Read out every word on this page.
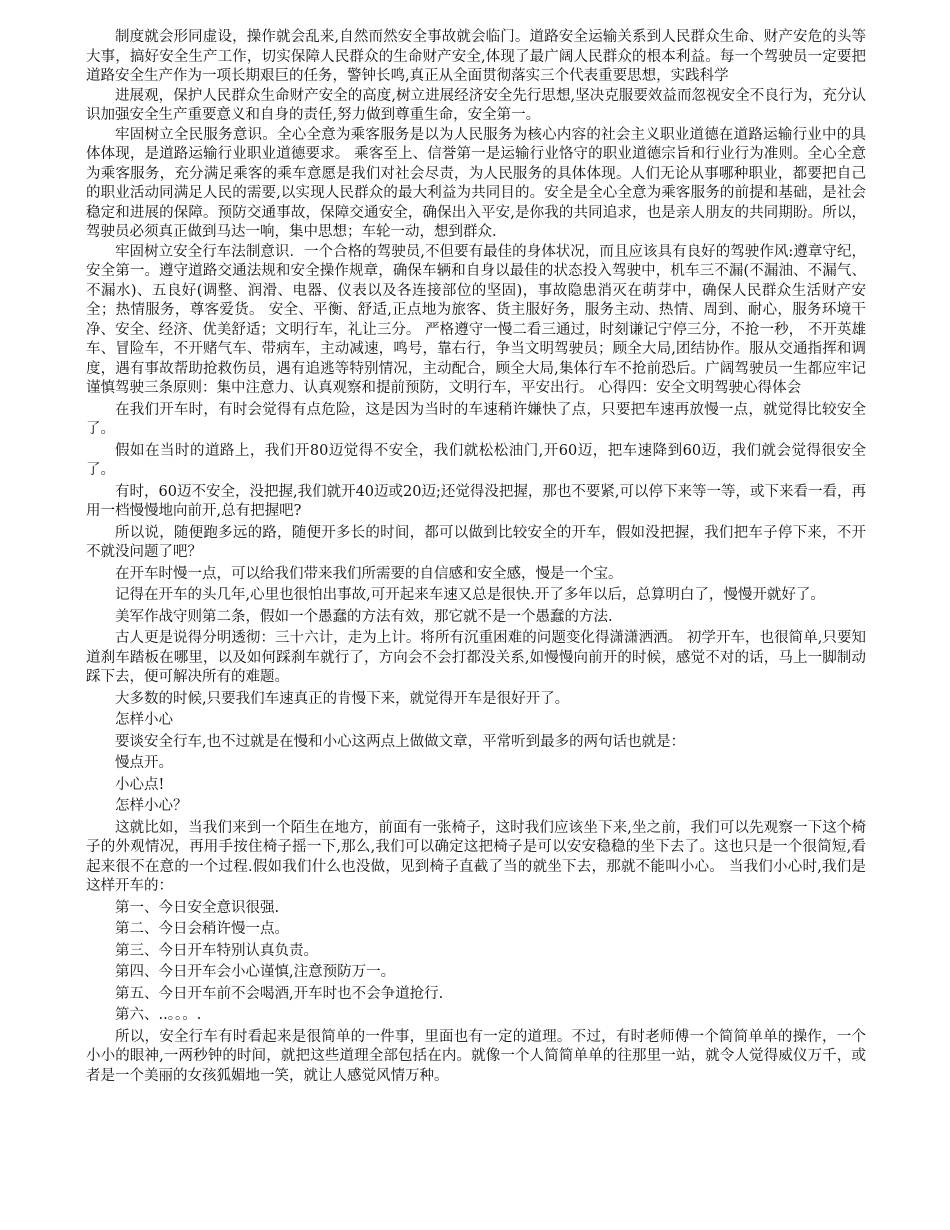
制度就会形同虚设，操作就会乱来,自然而然安全事故就会临门。道路安全运输关系到人民群众生命、财产安危的头等大事，搞好安全生产工作，切实保障人民群众的生命财产安全,体现了最广阔人民群众的根本利益。每一个驾驶员一定要把道路安全生产作为一项长期艰巨的任务，警钟长鸣,真正从全面贯彻落实三个代表重要思想，实践科学

进展观，保护人民群众生命财产安全的高度,树立进展经济安全先行思想,坚决克服要效益而忽视安全不良行为，充分认识加强安全生产重要意义和自身的责任,努力做到尊重生命，安全第一。

牢固树立全民服务意识。全心全意为乘客服务是以为人民服务为核心内容的社会主义职业道德在道路运输行业中的具体体现，是道路运输行业职业道德要求。 乘客至上、信誉第一是运输行业恪守的职业道德宗旨和行业行为准则。全心全意为乘客服务，充分满足乘客的乘车意愿是我们对社会尽责，为人民服务的具体体现。人们无论从事哪种职业，都要把自己的职业活动同满足人民的需要,以实现人民群众的最大利益为共同目的。安全是全心全意为乘客服务的前提和基础，是社会稳定和进展的保障。预防交通事故，保障交通安全，确保出入平安,是你我的共同追求，也是亲人朋友的共同期盼。所以，驾驶员必须真正做到马达一响，集中思想；车轮一动，想到群众.

牢固树立安全行车法制意识．一个合格的驾驶员,不但要有最佳的身体状况，而且应该具有良好的驾驶作风:遵章守纪，安全第一。遵守道路交通法规和安全操作规章，确保车辆和自身以最佳的状态投入驾驶中，机车三不漏(不漏油、不漏气、不漏水)、五良好(调整、润滑、电器、仪表以及各连接部位的坚固)，事故隐患消灭在萌芽中，确保人民群众生活财产安全；热情服务，尊客爱货。 安全、平衡、舒适,正点地为旅客、货主服好务，服务主动、热情、周到、耐心，服务环境干净、安全、经济、优美舒适；文明行车，礼让三分。 严格遵守一慢二看三通过，时刻谦记宁停三分，不抢一秒， 不开英雄车、冒险车，不开赌气车、带病车，主动减速，鸣号，靠右行，争当文明驾驶员；顾全大局,团结协作。服从交通指挥和调度，遇有事故帮助抢救伤员，遇有追逃等特别情况，主动配合，顾全大局,集体行车不抢前恐后。广阔驾驶员一生都应牢记谨慎驾驶三条原则：集中注意力、认真观察和提前预防，文明行车，平安出行。 心得四：安全文明驾驶心得体会

在我们开车时，有时会觉得有点危险，这是因为当时的车速稍许嫌快了点，只要把车速再放慢一点，就觉得比较安全了。

假如在当时的道路上，我们开80迈觉得不安全，我们就松松油门,开60迈，把车速降到60迈，我们就会觉得很安全了。

有时，60迈不安全，没把握,我们就开40迈或20迈;还觉得没把握，那也不要紧,可以停下来等一等，或下来看一看，再用一档慢慢地向前开,总有把握吧?

所以说，随便跑多远的路，随便开多长的时间，都可以做到比较安全的开车，假如没把握，我们把车子停下来，不开不就没问题了吧？

在开车时慢一点，可以给我们带来我们所需要的自信感和安全感，慢是一个宝。

记得在开车的头几年,心里也很怕出事故,可开起来车速又总是很快.开了多年以后，总算明白了，慢慢开就好了。

美军作战守则第二条，假如一个愚蠢的方法有效，那它就不是一个愚蠢的方法.

古人更是说得分明透彻：三十六计，走为上计。将所有沉重困难的问题变化得潇潇洒洒。 初学开车，也很简单,只要知道刹车踏板在哪里，以及如何踩刹车就行了，方向会不会打都没关系,如慢慢向前开的时候，感觉不对的话，马上一脚制动踩下去，便可解决所有的难题。

大多数的时候,只要我们车速真正的肯慢下来，就觉得开车是很好开了。

怎样小心

要谈安全行车,也不过就是在慢和小心这两点上做做文章，平常听到最多的两句话也就是：

慢点开。

小心点!

怎样小心？

这就比如，当我们来到一个陌生在地方，前面有一张椅子，这时我们应该坐下来,坐之前，我们可以先观察一下这个椅子的外观情况，再用手按住椅子摇一下,那么,我们可以确定这把椅子是可以安安稳稳的坐下去了。这也只是一个很简短,看起来很不在意的一个过程.假如我们什么也没做，见到椅子直截了当的就坐下去，那就不能叫小心。 当我们小心时,我们是这样开车的：

第一、今日安全意识很强.

第二、今日会稍许慢一点。

第三、今日开车特别认真负责。

第四、今日开车会小心谨慎,注意预防万一。

第五、今日开车前不会喝酒,开车时也不会争道抢行.

第六、..。。。.

所以，安全行车有时看起来是很简单的一件事，里面也有一定的道理。不过，有时老师傅一个简简单单的操作，一个小小的眼神,一两秒钟的时间，就把这些道理全部包括在内。就像一个人简简单单的往那里一站，就令人觉得威仪万千，或者是一个美丽的女孩狐媚地一笑，就让人感觉风情万种。
